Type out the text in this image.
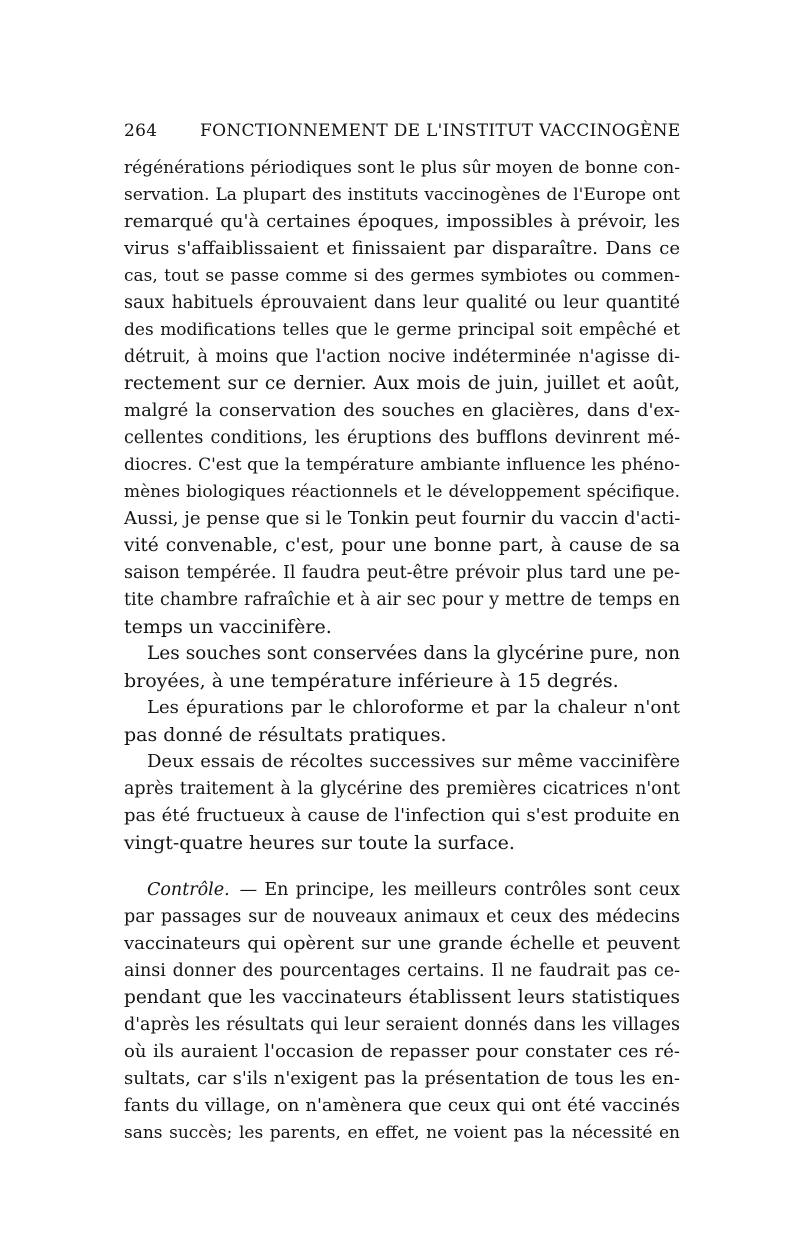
264	FONCTIONNEMENT DE L'INSTITUT VACCINOGÈNE
régénérations périodiques sont le plus sûr moyen de bonne con-
servation. La plupart des instituts vaccinogènes de l'Europe ont
remarqué qu'à certaines époques, impossibles à prévoir, les
virus s'affaiblissaient et finissaient par disparaître. Dans ce
cas, tout se passe comme si des germes symbiotes ou commen-
saux habituels éprouvaient dans leur qualité ou leur quantité
des modifications telles que le germe principal soit empêché et
détruit, à moins que l'action nocive indéterminée n'agisse di-
rectement sur ce dernier. Aux mois de juin, juillet et août,
malgré la conservation des souches en glacières, dans d'ex-
cellentes conditions, les éruptions des bufflons devinrent mé-
diocres. C'est que la température ambiante influence les phéno-
mènes biologiques réactionnels et le développement spécifique.
Aussi, je pense que si le Tonkin peut fournir du vaccin d'acti-
vité convenable, c'est, pour une bonne part, à cause de sa
saison tempérée. Il faudra peut-être prévoir plus tard une pe-
tite chambre rafraîchie et à air sec pour y mettre de temps en
temps un vaccinifère.
Les souches sont conservées dans la glycérine pure, non
broyées, à une température inférieure à 15 degrés.
Les épurations par le chloroforme et par la chaleur n'ont
pas donné de résultats pratiques.
Deux essais de récoltes successives sur même vaccinifère
après traitement à la glycérine des premières cicatrices n'ont
pas été fructueux à cause de l'infection qui s'est produite en
vingt-quatre heures sur toute la surface.
Contrôle. — En principe, les meilleurs contrôles sont ceux
par passages sur de nouveaux animaux et ceux des médecins
vaccinateurs qui opèrent sur une grande échelle et peuvent
ainsi donner des pourcentages certains. Il ne faudrait pas ce-
pendant que les vaccinateurs établissent leurs statistiques
d'après les résultats qui leur seraient donnés dans les villages
où ils auraient l'occasion de repasser pour constater ces ré-
sultats, car s'ils n'exigent pas la présentation de tous les en-
fants du village, on n'amènera que ceux qui ont été vaccinés
sans succès; les parents, en effet, ne voient pas la nécessité en
